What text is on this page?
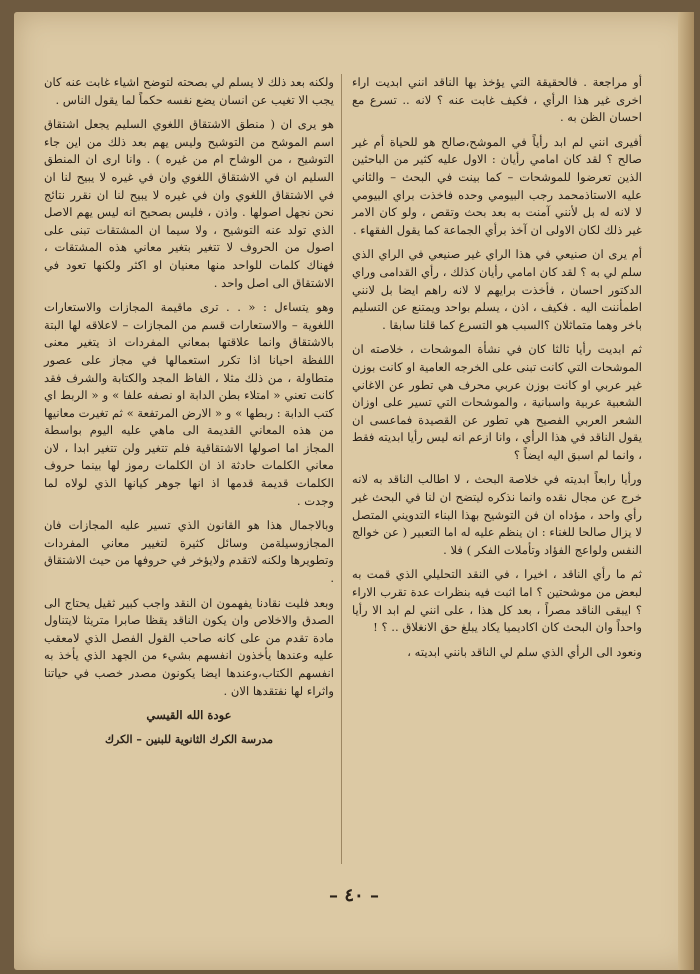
أو مراجعة . فالحقيقة التي يؤخذ بها الناقد انني ابديت اراء اخرى غير هذا الرأي ، فكيف غابت عنه ؟ لانه .. تسرع مع احسان الظن به .

أفيرى انني لم ابد رأياً في الموشح،صالح هو للحياة أم غير صالح ؟ لقد كان امامي رأيان : الاول عليه كثير من الباحثين الذين تعرضوا للموشحات – كما بينت في البحث – والثاني عليه الاستاذمحمد رجب البيومي وحده فاخذت براي البيومي لا لانه له بل لأنني آمنت به بعد بحث وتقص ، ولو كان الامر غير ذلك لكان الاولى ان آخذ برأي الجماعة كما يقول الفقهاء .

أم يرى ان صنيعي في هذا الراي غير صنيعي في الراي الذي سلم لي به ؟ لقد كان امامي رأيان كذلك ، رأي القدامى وراي الدكتور احسان ، فأخذت برايهم لا لانه راهم ايضا بل لانني اطمأننت اليه . فكيف ، اذن ، يسلم بواحد ويمتنع عن التسليم باخر وهما متماثلان ؟السبب هو التسرع كما قلنا سابقا .

ثم ابديت رأيا ثالثا كان في نشأة الموشحات ، خلاصته ان الموشحات التي كانت تبنى على الخرجه العامية او كانت بوزن غير عربي او كانت بوزن عربي محرف هي تطور عن الاغاني الشعبية عربية واسبانية ، والموشحات التي تسير على اوزان الشعر العربي الفصيح هي تطور عن القصيدة فماعسى ان يقول الناقد في هذا الرأي ، وانا ازعم انه ليس رأيا ابديته فقط ، وانما لم اسبق اليه ايضاً ؟

ورأيا رابعاً ابديته في خلاصة البحث ، لا اطالب الناقد به لانه خرج عن مجال نقده وانما نذكره ليتضح ان لنا في البحث غير رأي واحد ، مؤداه ان فن التوشيح بهذا البناء التدويني المتصل لا يزال صالحا للغناء : ان ينظم عليه له اما التعبير ( عن خوالج النفس ولواعج الفؤاد وتأملات الفكر ) فلا .

ثم ما رأي الناقد ، اخيرا ، في النقد التحليلي الذي قمت به لبعض من موشحتين ؟ اما اثبت فيه بنظرات عدة تقرب الاراء ؟ ايبقى الناقد مصراً ، بعد كل هذا ، على انني لم ابد الا رأيا واحداً وان البحث كان اكاديميا يكاد يبلغ حق الانغلاق .. ؟ !

ونعود الى الرأي الذي سلم لي الناقد بانني ابديته ،

ولكنه بعد ذلك لا يسلم لي بصحته لتوضح اشياء غابت عنه كان يجب الا تغيب عن انسان يضع نفسه حكماً لما يقول الناس .

هو يرى ان ( منطق الاشتقاق اللغوي السليم يجعل اشتقاق اسم الموشح من التوشيح وليس يهم بعد ذلك من اين جاء التوشيح ، من الوشاح ام من غيره ) . وانا ارى ان المنطق السليم ان في الاشتقاق اللغوي وان في غيره لا يبيح لنا ان في الاشتقاق اللغوي وان في غيره لا يبيح لنا ان نقرر نتائج نحن نجهل اصولها . واذن ، فليس بصحيح انه ليس يهم الاصل الذي تولد عنه التوشيح ، ولا سيما ان المشتقات تبنى على اصول من الحروف لا تتغير بتغير معاني هذه المشتقات ، فهناك كلمات للواحد منها معنيان او اكثر ولكنها تعود في الاشتقاق الى اصل واحد .

وهو يتساءل : « . . ترى ماقيمة المجازات والاستعارات اللغوية – والاستعارات قسم من المجازات – لاعلاقه لها البتة بالاشتقاق وانما علاقتها بمعاني المفردات اذ يتغير معنى اللفظة احيانا اذا تكرر استعمالها في مجاز على عصور متطاولة ، من ذلك مثلا ، الفاظ المجد والكتابة والشرف فقد كانت تعني « امتلاء بطن الدابة او نصفه علفا » و « الربط اي كتب الدابة : ربطها » و « الارض المرتفعة » ثم تغيرت معانيها من هذه المعاني القديمة الى ماهي عليه اليوم بواسطة المجاز اما اصولها الاشتقاقية فلم تتغير ولن تتغير ابدا ، لان معاني الكلمات حادثة اذ ان الكلمات رموز لها بينما حروف الكلمات قديمة قدمها اذ انها جوهر كيانها الذي لولاه لما وجدت .

وبالاجمال هذا هو القانون الذي تسير عليه المجازات فان المجازوسيلةمن وسائل كثيرة لتغيير معاني المفردات وتطويرها ولكنه لاتقدم ولايؤخر في حروفها من حيث الاشتقاق .

وبعد فليت نقادنا يفهمون ان النقد واجب كبير ثقيل يحتاج الى الصدق والاخلاص وان يكون الناقد يقظا صابرا متريثا لايتناول مادة تقدم من على كانه صاحب القول الفصل الذي لامعقب عليه وعندها يأخذون انفسهم بشيء من الجهد الذي يأخذ به انفسهم الكتاب،وعندها ايضا يكونون مصدر خصب في حياتنا واثراء لها نفتقدها الان .

عودة الله القيسي
مدرسة الكرك الثانوية للبنين – الكرك
– ٤٠ –
